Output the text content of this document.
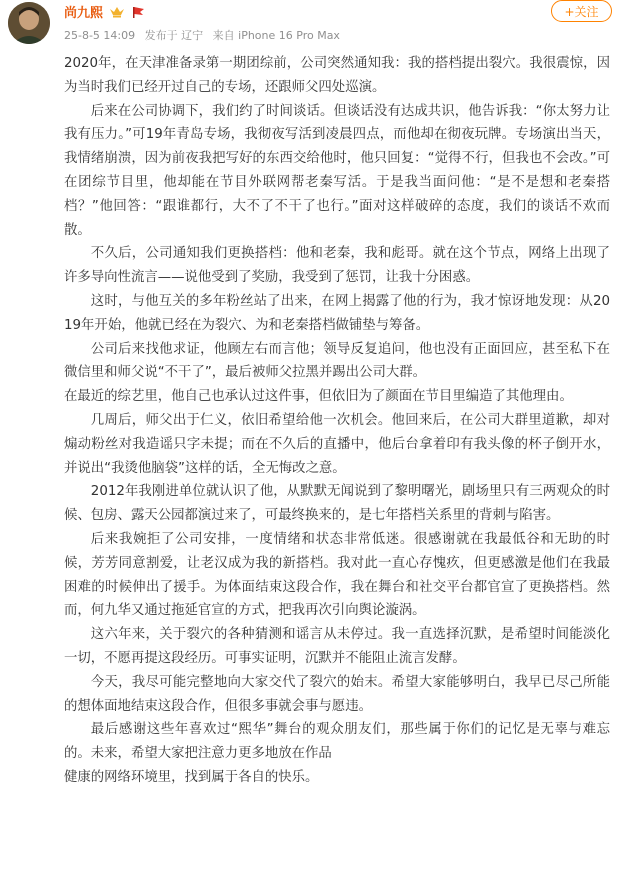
尚九熙
25-8-5 14:09 发布于 辽宁 来自 iPhone 16 Pro Max
+关注

2020年，在天津准备录第一期团综前，公司突然通知我：我的搭档提出裂穴。我很震惊，因为当时我们已经开过自己的专场，还跟师父四处巡演。

后来在公司协调下，我们约了时间谈话。但谈话没有达成共识，他告诉我：“你太努力让我有压力。”可19年青岛专场，我彻夜写活到凌晨四点，而他却在彻夜玩牌。专场演出当天，我情绪崩溃，因为前夜我把写好的东西交给他时，他只回复：“觉得不行，但我也不会改。”可在团综节目里，他却能在节目外联网帮老秦写活。于是我当面问他：“是不是想和老秦搭档？”他回答：“跟谁都行，大不了不干了也行。”面对这样破碎的态度，我们的谈话不欢而散。

不久后，公司通知我们更换搭档：他和老秦，我和彪哥。就在这个节点，网络上出现了许多导向性流言——说他受到了奖励，我受到了惩罚，让我十分困惑。

这时，与他互关的多年粉丝站了出来，在网上揭露了他的行为，我才惊讶地发现：从2019年开始，他就已经在为裂穴、为和老秦搭档做铺垫与筹备。

公司后来找他求证，他顾左右而言他；领导反复追问，他也没有正面回应，甚至私下在微信里和师父说“不干了”，最后被师父拉黑并踢出公司大群。

在最近的综艺里，他自己也承认过这件事，但依旧为了颜面在节目里编造了其他理由。

几周后，师父出于仁义，依旧希望给他一次机会。他回来后，在公司大群里道歉，却对煽动粉丝对我造谣只字未提；而在不久后的直播中，他后台拿着印有我头像的杯子倒开水，并说出“我烫他脑袋”这样的话，全无悔改之意。

2012年我刚进单位就认识了他，从默默无闻说到了黎明曙光，剧场里只有三两观众的时候、包房、露天公园都演过来了，可最终换来的，是七年搭档关系里的背刺与陷害。

后来我婉拒了公司安排，一度情绪和状态非常低迷。很感谢就在我最低谷和无助的时候，芳芳同意割爱，让老汉成为我的新搭档。我对此一直心存愧疚，但更感激是他们在我最困难的时候伸出了援手。为体面结束这段合作，我在舞台和社交平台都官宣了更换搭档。然而，何九华又通过拖延官宣的方式，把我再次引向舆论漩涡。

这六年来，关于裂穴的各种猜测和谣言从未停过。我一直选择沉默，是希望时间能淡化一切，不愿再提这段经历。可事实证明，沉默并不能阻止流言发酵。

今天，我尽可能完整地向大家交代了裂穴的始末。希望大家能够明白，我早已尽己所能的想体面地结束这段合作，但很多事就会事与愿违。

最后感谢这些年喜欢过“熙华”舞台的观众朋友们，那些属于你们的记忆是无辜与难忘的。未来，希望大家把注意力更多地放在作品

健康的网络环境里，找到属于各自的快乐。
